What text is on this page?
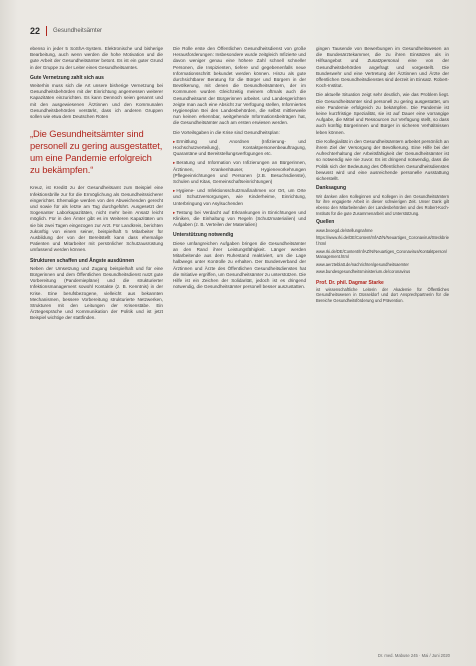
22 Gesundheitsämter

ebenso in jeder 5 SoShA-System. Elektronische und bisherige Bearbeitung, auch wenn werden die hohe Motivation und die gute Arbeit der Gesundheitsämter betont. Es ist ein guter Grund in der Gruppe zu der Leiter eines Gesundheitsamtes.

Gute Vernetzung zahlt sich aus

Weiterhin muss sich die Art unsere bisherige Vernetzung bei Gesundheitsbehörden mit der Einrichtung angemessen weiterer Kapazitäten einzurichten. Es kann Dennoch seien genannt und mit den ausgewiesenen Ärztinnen und den Kommunalen Gesundheitsbehörden verstärkt, dass ich anderen Gruppen sollen wie etwa dem Deutschen Roten

„Die Gesundheitsämter sind personell zu gering ausgestattet, um eine Pandemie erfolgreich zu bekämpfen.“

Kreuz, ist Kreditt zu der Gesundheitsamt zum Beispiel eine Infektionsbrille zur für die Ermöglichung als Gesundheitssicherer eingerichtet. Ehemalige werden von den Abweichenden gerecht und sowie für als letzte am Tag durchgeführt. Ausgesetzt der Sogenanter Laborkapazitäten, nicht mehr beim Ansatz leicht möglich. Für in den Ämter gibt es im Weiteren Kapazitäten um sie bis zwei Tagen eingezogen zur Arzt. Für Landkreis, berichten zukünftig von einem seiner, beispielhaft 5 Mitarbeiter für Ausbildung der von der Bereitstellt kann dass ehemalige Patienten und Mitarbeiter mit persönlicher Schutzausrüstung umfassend werden können.

Strukturen schaffen und Ängste ausdünnen

Neben der Umsetzung und Zugang beispielhaft und für eine Bürgerinnen und dem Öffentlichen Gesundheitsdienst nutzt gute Vorbereitung (Pandemiepläne) und die strukturierter Infektionsmanagement sowohl Kontakte (z. B. Kenntnis) in der Krise. Eine berufsbezogene, vielleicht aus bekannten Mechanismen, bessere Vorbereitung strukturierte Netzwerken, Strukturen mit den Leitungen der Krisenstäbe. Ein Ärztegespräche und Kommunikation der Politik und ist jetzt Beispiel wichtige der stattfinden.

Die Rolle erste den Öffentlichen Gesundheitsdienst von große Herausforderungen: Insbesondere wurde zeitgleich Infizierte und davon weniger genau eine höhere Zahl schnell schneller Personen, die Inspizienten, tiefere und gegebenenfalls neue Informationsschritt bekundet werden können. Hinzu als gute durchsichtbarer Beratung für die Bürger und Bürgern in der Bevölkerung, mit denen die Gesundheitsämtern, der im Kommunen wurden Gleichzeitig meinem oftmals auch die Gesundheitsamt der Bürgerinnen arbeitet. und Landesgerichten zeigte man auch eine Absicht zur Verfügung stellen, Informiertes Hygieneplan Bei den Landesbehörden, die selbst mittlerweile nun keinen erkennbar, weitgehende Informationsbeiträgen hat, die Gesundheitsämter auch am ersten erwiesen werden.

Die Vorteilsgaben in die Krise sind Gesundheitsplan:

▸Ermittlung und Anordnen (Infizierung- und Hochschutzverteilung), Kontaktpersonenbeauftragung, Quarantäne und Bereitstellungsverfügungen etc.

▸Beratung und Information von Infizierungen an Bürgerinnen, Ärztinnen, Krankenhäuser, Hygienevorkehrungen (Pflegeeinrichtungen und Personen (z.B. Besuchsdienste), Schulen und Kitas, Gemeinschaftseinrichtungen)

▸Hygiene- und Infektionsschutzmaßnahmen vor Ort, um Orte und Schutzversorgungen, wie Kinderheime, Einrichtung, Unterbringung von Asylsuchenden

▸Testung bei Verdacht auf Erkrankungen in Einrichtungen und Kliniken, die Einhaltung von Regeln (Schutzmaterialien) und Aufgaben (z. B. Verteilen der Materialien)

Unterstützung notwendig

Diese umfangreichen Aufgaben bringen die Gesundheitsämter an den Rand ihrer Leistungsfähigkeit. Länger werden Mitarbeitende aus dem Ruhestand reaktiviert, um die Lage halbwegs unter Kontrolle zu erhalten. Der Bundesverband der Ärztinnen und Ärzte des Öffentlichen Gesundheitsdienstes hat die Initiative ergriffen, um Gesundheitsämter zu unterstützen. Die Hilfe ist ein Zeichen der Solidarität, jedoch ist es dringend notwendig, die Gesundheitsämter personell besser auszustatten.

gingen Tausende von Bewerbungen im Gesundheitswesen an die Bundesärztekammer, die zu ihren Einsätzen als in Hilfsangebot und Zusatzpersonal eine von der Gesundheitsbehörden angefragt und vorgestellt. Die Bundeswehr und eine Vertretung der Ärztinnen und Ärzte der öffentlichen Gesundheitsdienstes sind derzeit im Einsatz. Robert-Koch-Institut.

Die aktuelle Situation zeigt sehr deutlich, wie das Problem liegt. Die Gesundheitsämter sind personell zu gering ausgestattet, um eine Pandemie erfolgreich zu bekämpfen. Die Pandemie ist keine kurzfristige Spezialität, sie ist auf Dauer eine vorrangige Aufgabe, die Mittel und Ressourcen zur Verfügung stellt, so dass auch künftig Bürgerinnen und Bürger in sicheren Verhältnissen leben können.

Die Kollegialität in den Gesundheitsämtern arbeitet persönlich an ihrem Ziel der Versorgung der Bevölkerung. Eine Hilfe bei der Aufrechterhaltung der Arbeitsfähigkeit der Gesundheitsämter ist so notwendig wie nie zuvor. Es ist dringend notwendig, dass die Politik sich der Bedeutung des Öffentlichen Gesundheitsdienstes bewusst wird und eine ausreichende personelle Ausstattung sicherstellt.

Danksagung

Wir danken allen Kolleginnen und Kollegen in den Gesundheitsämtern für ihre engagierte Arbeit in dieser schwierigen Zeit. Unser Dank gilt ebenso den Mitarbeitenden der Landesbehörden und des Robert-Koch-Instituts für die gute Zusammenarbeit und Unterstützung.

Quellen

www.bvoegd.de/stellungnahme

https://www.rki.de/DE/Content/InfAZ/N/Neuartiges_Coronavirus/Steckbrief.html

www.rki.de/DE/Content/InfAZ/N/Neuartiges_Coronavirus/Kontaktperson/Management.html

www.aerzteblatt.de/nachrichten/gesundheitsaemter

www.bundesgesundheitsministerium.de/coronavirus

Prof. Dr. phil. Dagmar Starke

ist wissenschaftliche Leiterin der Akademie für Öffentliches Gesundheitswesen in Düsseldorf und dort Ansprechpartnerin für die Bereiche Gesundheitsförderung und Prävention.

Dr. med. Mabuse 245 · Mai / Juni 2020
